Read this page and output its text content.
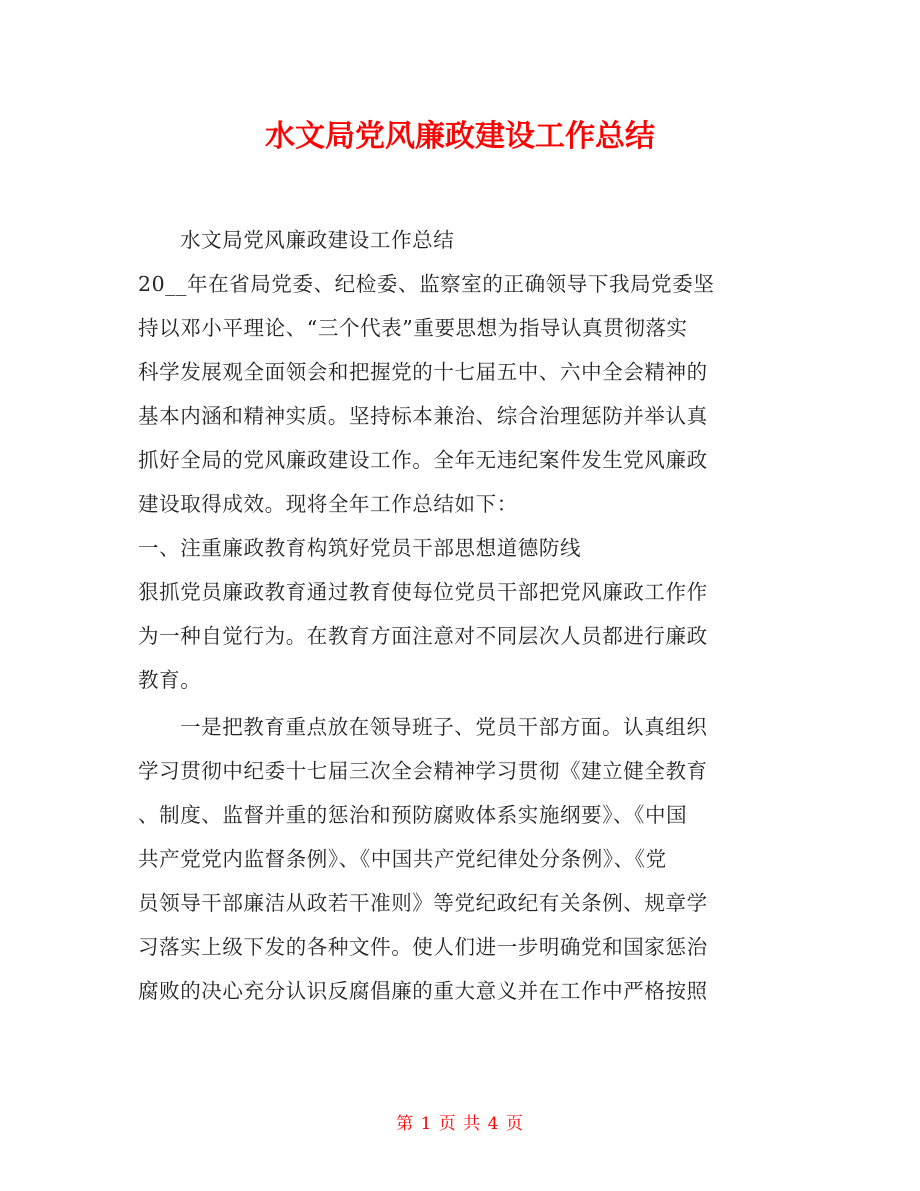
水文局党风廉政建设工作总结
水文局党风廉政建设工作总结
20__年在省局党委、纪检委、监察室的正确领导下我局党委坚
持以邓小平理论、“三个代表”重要思想为指导认真贯彻落实
科学发展观全面领会和把握党的十七届五中、六中全会精神的
基本内涵和精神实质。坚持标本兼治、综合治理惩防并举认真
抓好全局的党风廉政建设工作。全年无违纪案件发生党风廉政
建设取得成效。现将全年工作总结如下：
一、注重廉政教育构筑好党员干部思想道德防线
狠抓党员廉政教育通过教育使每位党员干部把党风廉政工作作
为一种自觉行为。在教育方面注意对不同层次人员都进行廉政
教育。
一是把教育重点放在领导班子、党员干部方面。认真组织
学习贯彻中纪委十七届三次全会精神学习贯彻《建立健全教育
、制度、监督并重的惩治和预防腐败体系实施纲要》、《中国
共产党党内监督条例》、《中国共产党纪律处分条例》、《党
员领导干部廉洁从政若干准则》等党纪政纪有关条例、规章学
习落实上级下发的各种文件。使人们进一步明确党和国家惩治
腐败的决心充分认识反腐倡廉的重大意义并在工作中严格按照
第 1 页 共 4 页
